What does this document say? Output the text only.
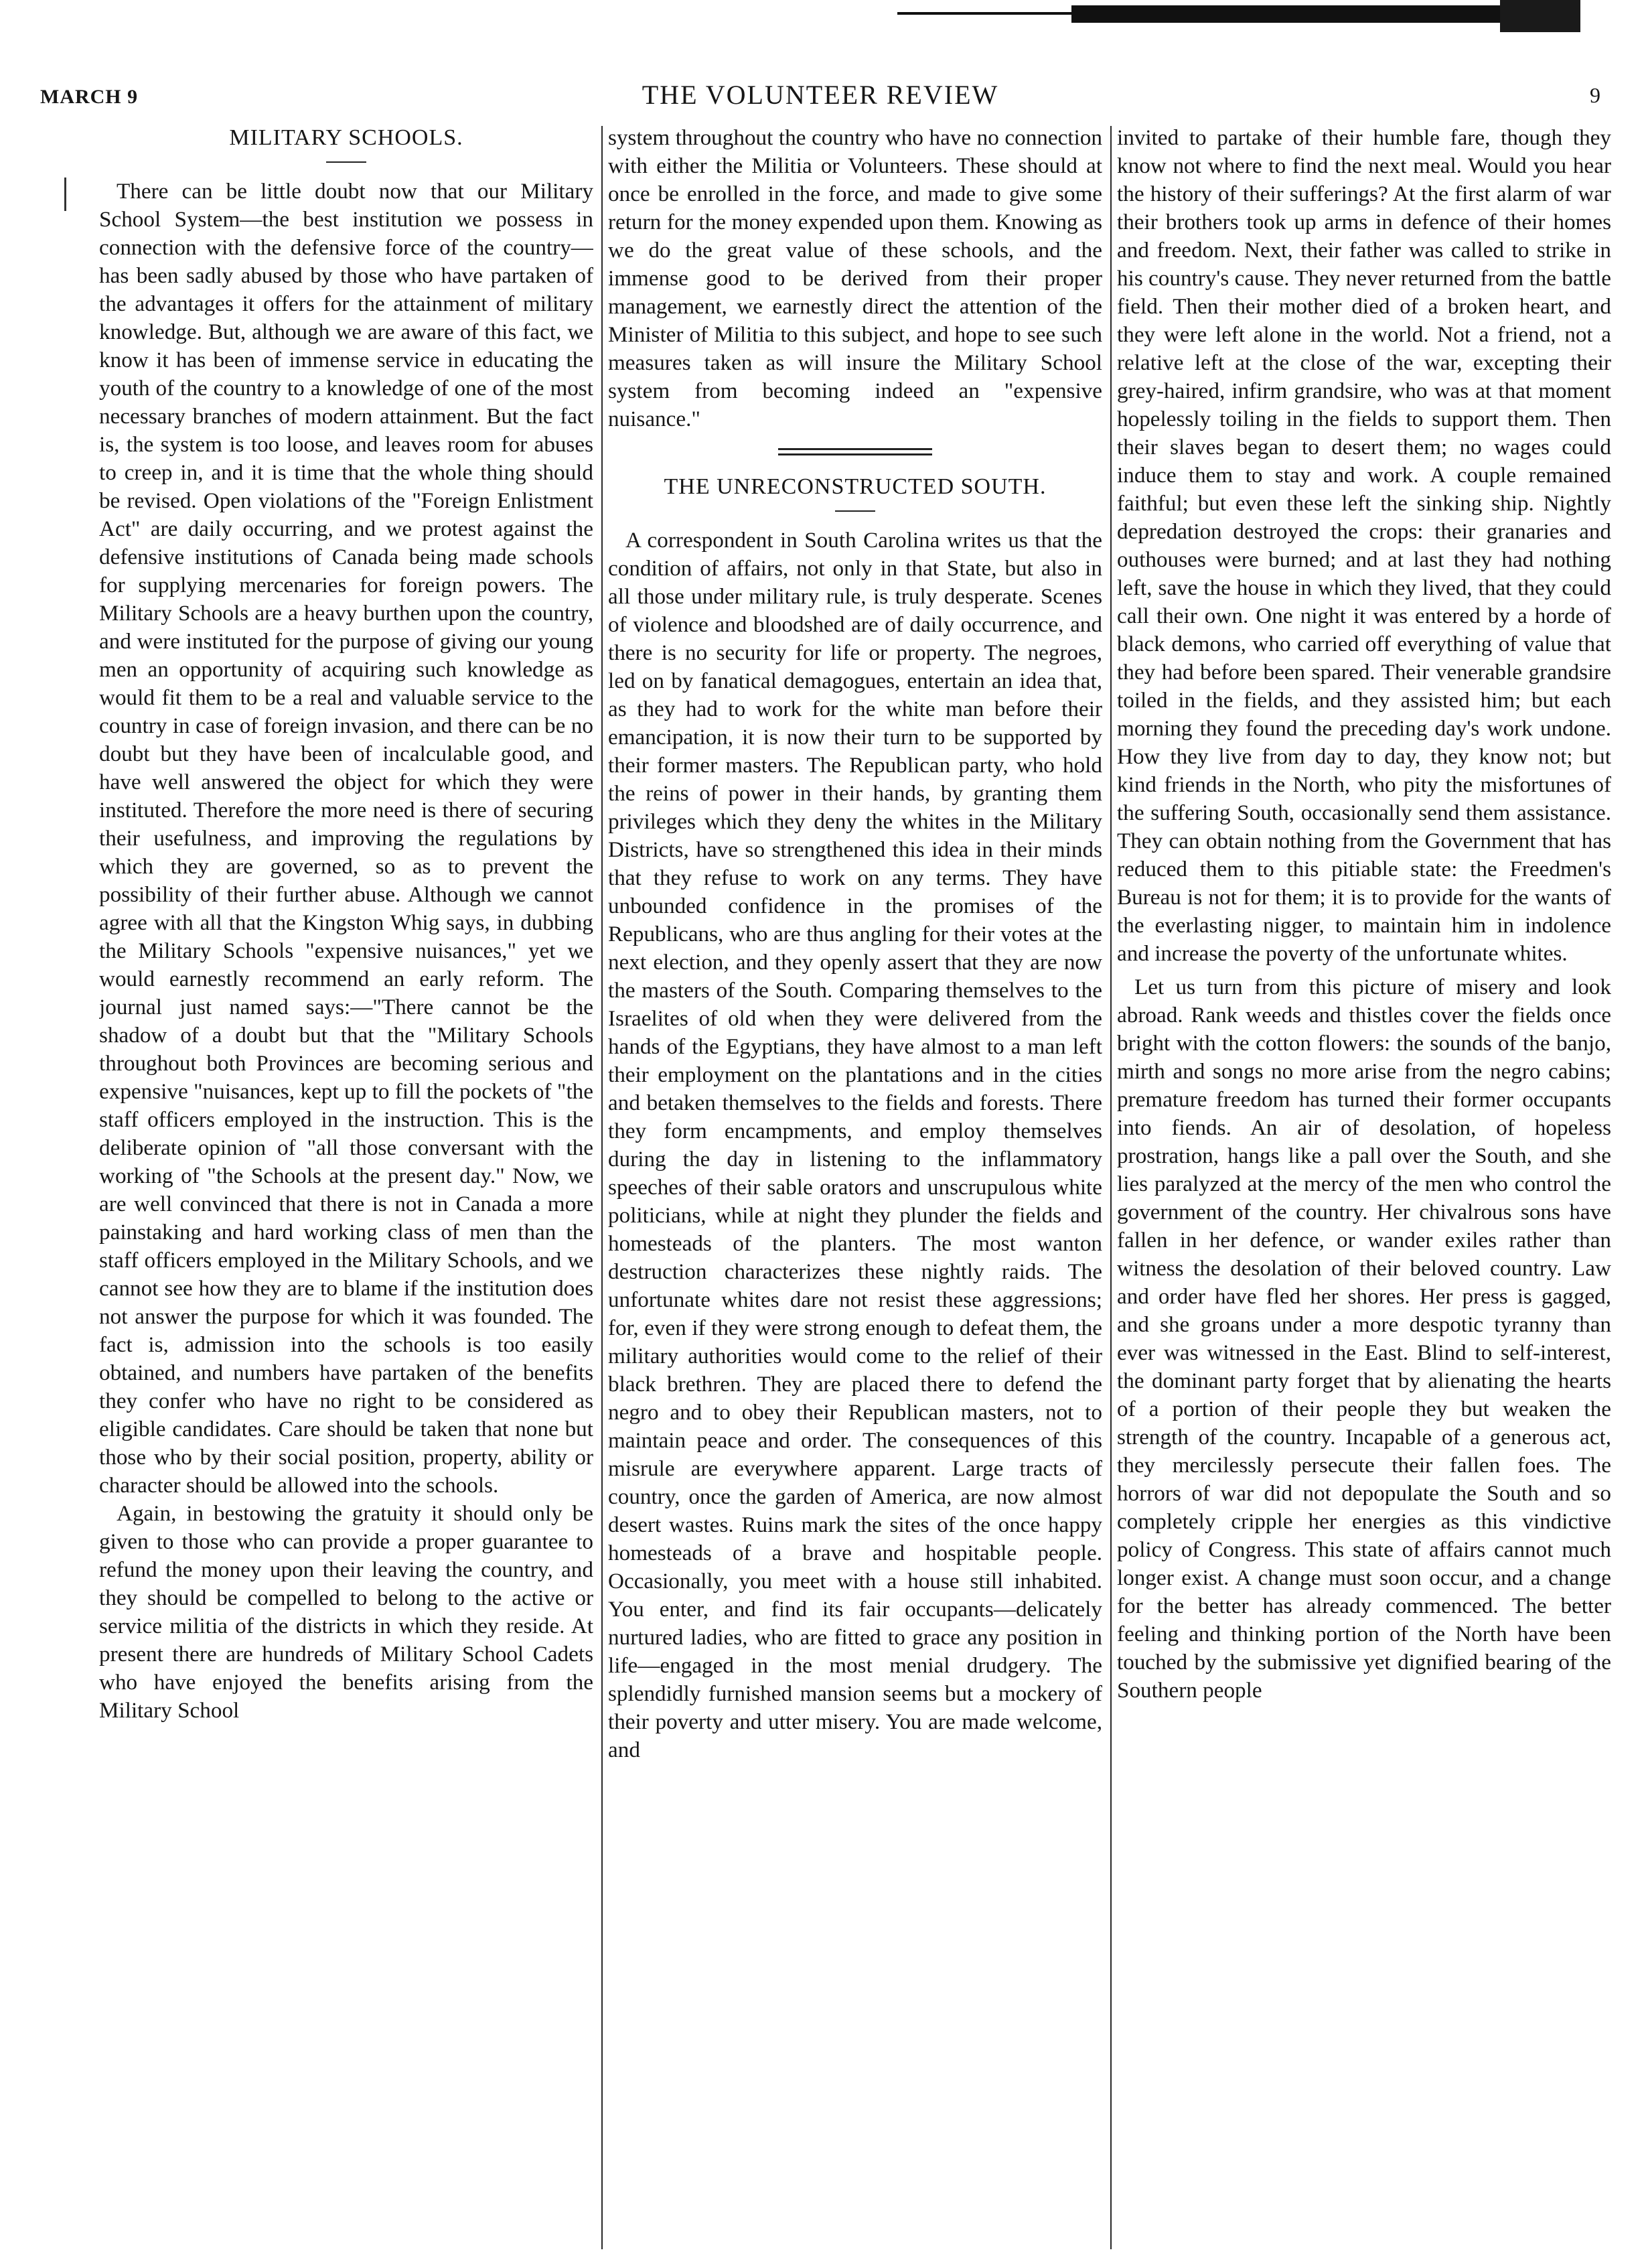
MARCH 9	THE VOLUNTEER REVIEW	9
MILITARY SCHOOLS.

There can be little doubt now that our Military School System—the best institution we possess in connection with the defensive force of the country—has been sadly abused by those who have partaken of the advantages it offers for the attainment of military knowledge. But, although we are aware of this fact, we know it has been of immense service in educating the youth of the country to a knowledge of one of the most necessary branches of modern attainment. But the fact is, the system is too loose, and leaves room for abuses to creep in, and it is time that the whole thing should be revised. Open violations of the "Foreign Enlistment Act" are daily occurring, and we protest against the defensive institutions of Canada being made schools for supplying mercenaries for foreign powers. The Military Schools are a heavy burthen upon the country, and were instituted for the purpose of giving our young men an opportunity of acquiring such knowledge as would fit them to be a real and valuable service to the country in case of foreign invasion, and there can be no doubt but they have been of incalculable good, and have well answered the object for which they were instituted. Therefore the more need is there of securing their usefulness, and improving the regulations by which they are governed, so as to prevent the possibility of their further abuse. Although we cannot agree with all that the Kingston Whig says, in dubbing the Military Schools "expensive nuisances," yet we would earnestly recommend an early reform. The journal just named says:—"There cannot be the shadow of a doubt but that the "Military Schools throughout both Provinces are becoming serious and expensive "nuisances, kept up to fill the pockets of "the staff officers employed in the instruction. This is the deliberate opinion of "all those conversant with the working of "the Schools at the present day." Now, we are well convinced that there is not in Canada a more painstaking and hard working class of men than the staff officers employed in the Military Schools, and we cannot see how they are to blame if the institution does not answer the purpose for which it was founded. The fact is, admission into the schools is too easily obtained, and numbers have partaken of the benefits they confer who have no right to be considered as eligible candidates. Care should be taken that none but those who by their social position, property, ability or character should be allowed into the schools.

Again, in bestowing the gratuity it should only be given to those who can provide a proper guarantee to refund the money upon their leaving the country, and they should be compelled to belong to the active or service militia of the districts in which they reside. At present there are hundreds of Military School Cadets who have enjoyed the benefits arising from the Military School

system throughout the country who have no connection with either the Militia or Volunteers. These should at once be enrolled in the force, and made to give some return for the money expended upon them. Knowing as we do the great value of these schools, and the immense good to be derived from their proper management, we earnestly direct the attention of the Minister of Militia to this subject, and hope to see such measures taken as will insure the Military School system from becoming indeed an "expensive nuisance."

THE UNRECONSTRUCTED SOUTH.

A correspondent in South Carolina writes us that the condition of affairs, not only in that State, but also in all those under military rule, is truly desperate. Scenes of violence and bloodshed are of daily occurrence, and there is no security for life or property. The negroes, led on by fanatical demagogues, entertain an idea that, as they had to work for the white man before their emancipation, it is now their turn to be supported by their former masters. The Republican party, who hold the reins of power in their hands, by granting them privileges which they deny the whites in the Military Districts, have so strengthened this idea in their minds that they refuse to work on any terms. They have unbounded confidence in the promises of the Republicans, who are thus angling for their votes at the next election, and they openly assert that they are now the masters of the South. Comparing themselves to the Israelites of old when they were delivered from the hands of the Egyptians, they have almost to a man left their employment on the plantations and in the cities and betaken themselves to the fields and forests. There they form encampments, and employ themselves during the day in listening to the inflammatory speeches of their sable orators and unscrupulous white politicians, while at night they plunder the fields and homesteads of the planters. The most wanton destruction characterizes these nightly raids. The unfortunate whites dare not resist these aggressions; for, even if they were strong enough to defeat them, the military authorities would come to the relief of their black brethren. They are placed there to defend the negro and to obey their Republican masters, not to maintain peace and order. The consequences of this misrule are everywhere apparent. Large tracts of country, once the garden of America, are now almost desert wastes. Ruins mark the sites of the once happy homesteads of a brave and hospitable people. Occasionally, you meet with a house still inhabited. You enter, and find its fair occupants—delicately nurtured ladies, who are fitted to grace any position in life—engaged in the most menial drudgery. The splendidly furnished mansion seems but a mockery of their poverty and utter misery. You are made welcome, and

invited to partake of their humble fare, though they know not where to find the next meal. Would you hear the history of their sufferings? At the first alarm of war their brothers took up arms in defence of their homes and freedom. Next, their father was called to strike in his country's cause. They never returned from the battle field. Then their mother died of a broken heart, and they were left alone in the world. Not a friend, not a relative left at the close of the war, excepting their grey-haired, infirm grandsire, who was at that moment hopelessly toiling in the fields to support them. Then their slaves began to desert them; no wages could induce them to stay and work. A couple remained faithful; but even these left the sinking ship. Nightly depredation destroyed the crops: their granaries and outhouses were burned; and at last they had nothing left, save the house in which they lived, that they could call their own. One night it was entered by a horde of black demons, who carried off everything of value that they had before been spared. Their venerable grandsire toiled in the fields, and they assisted him; but each morning they found the preceding day's work undone. How they live from day to day, they know not; but kind friends in the North, who pity the misfortunes of the suffering South, occasionally send them assistance. They can obtain nothing from the Government that has reduced them to this pitiable state: the Freedmen's Bureau is not for them; it is to provide for the wants of the everlasting nigger, to maintain him in indolence and increase the poverty of the unfortunate whites.

Let us turn from this picture of misery and look abroad. Rank weeds and thistles cover the fields once bright with the cotton flowers: the sounds of the banjo, mirth and songs no more arise from the negro cabins; premature freedom has turned their former occupants into fiends. An air of desolation, of hopeless prostration, hangs like a pall over the South, and she lies paralyzed at the mercy of the men who control the government of the country. Her chivalrous sons have fallen in her defence, or wander exiles rather than witness the desolation of their beloved country. Law and order have fled her shores. Her press is gagged, and she groans under a more despotic tyranny than ever was witnessed in the East. Blind to self-interest, the dominant party forget that by alienating the hearts of a portion of their people they but weaken the strength of the country. Incapable of a generous act, they mercilessly persecute their fallen foes. The horrors of war did not depopulate the South and so completely cripple her energies as this vindictive policy of Congress. This state of affairs cannot much longer exist. A change must soon occur, and a change for the better has already commenced. The better feeling and thinking portion of the North have been touched by the submissive yet dignified bearing of the Southern people
